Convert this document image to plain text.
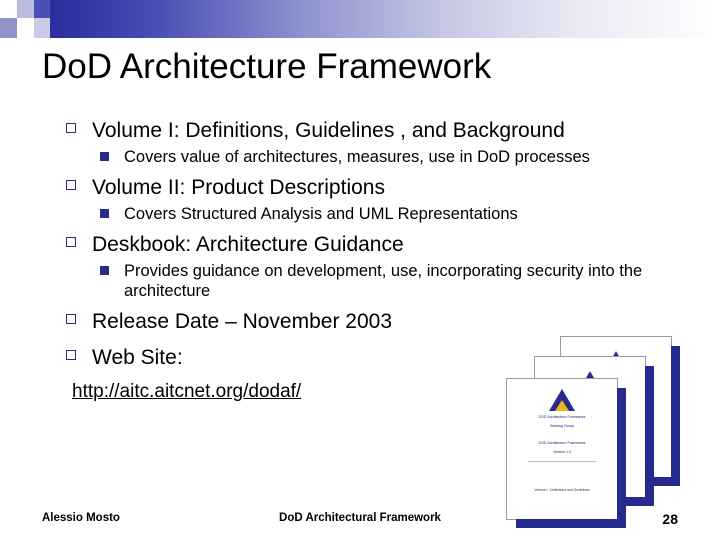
DoD Architecture Framework
Volume I: Definitions, Guidelines , and Background
Covers value of architectures, measures, use in DoD processes
Volume II: Product Descriptions
Covers Structured Analysis and UML Representations
Deskbook: Architecture Guidance
Provides guidance on development, use, incorporating security into the architecture
Release Date – November 2003
Web Site:
http://aitc.aitcnet.org/dodaf/
DOD Architecture Framework
Working Group
DOD Architecture Framework
Version 1.0
Volume I : Definitions and Guidelines
Alessio Mosto	DoD Architectural Framework	28
